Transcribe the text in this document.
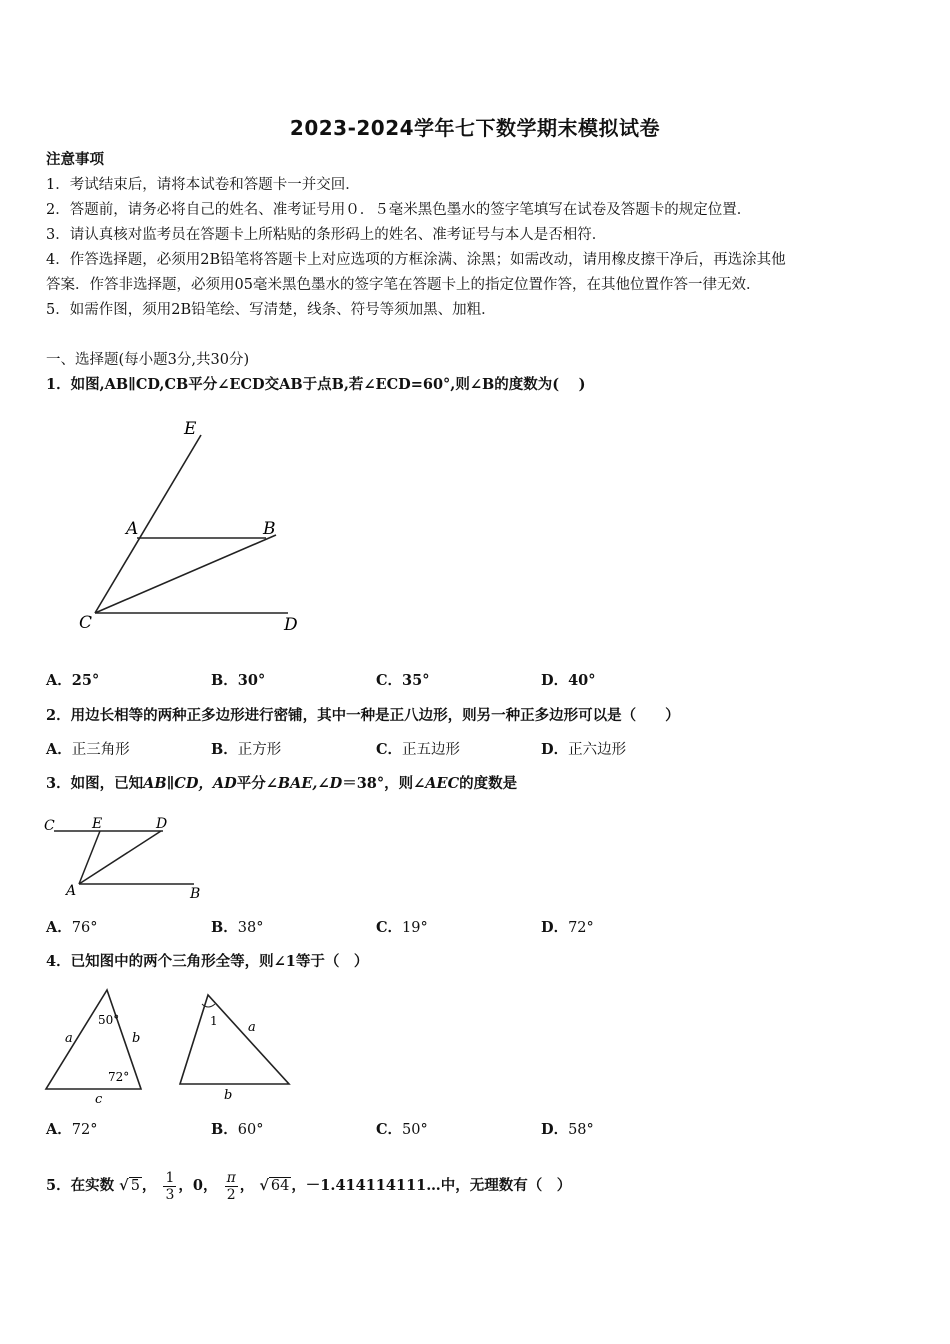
2023-2024学年七下数学期末模拟试卷
注意事项
1．考试结束后，请将本试卷和答题卡一并交回．
2．答题前，请务必将自己的姓名、准考证号用０．５毫米黑色墨水的签字笔填写在试卷及答题卡的规定位置．
3．请认真核对监考员在答题卡上所粘贴的条形码上的姓名、准考证号与本人是否相符．
4．作答选择题，必须用2B铅笔将答题卡上对应选项的方框涂满、涂黑；如需改动，请用橡皮擦干净后，再选涂其他
答案．作答非选择题，必须用05毫米黑色墨水的签字笔在答题卡上的指定位置作答，在其他位置作答一律无效．
5．如需作图，须用2B铅笔绘、写清楚，线条、符号等须加黑、加粗．
一、选择题(每小题3分,共30分)
1．如图,AB∥CD,CB平分∠ECD交AB于点B,若∠ECD=60°,则∠B的度数为(　 )
E
A	B
C	D
A．25°	B．30°	C．35°	D．40°
2．用边长相等的两种正多边形进行密铺，其中一种是正八边形，则另一种正多边形可以是（　　）
A．正三角形	B．正方形	C．正五边形	D．正六边形
3．如图，已知AB∥CD，AD平分∠BAE,∠D＝38°，则∠AEC的度数是
C	E	D
A	B
A．76°	B．38°	C．19°	D．72°
4．已知图中的两个三角形全等，则∠1等于（　）
50°
72°
a	b
c
1 a
b
A．72°	B．60°	C．50°	D．58°
5．在实数 √ 5 ， $\frac{1}{3}$ ，0， $\frac{\pi}{2}$ ， √ 64 ，－1.414114111…中，无理数有（　）
